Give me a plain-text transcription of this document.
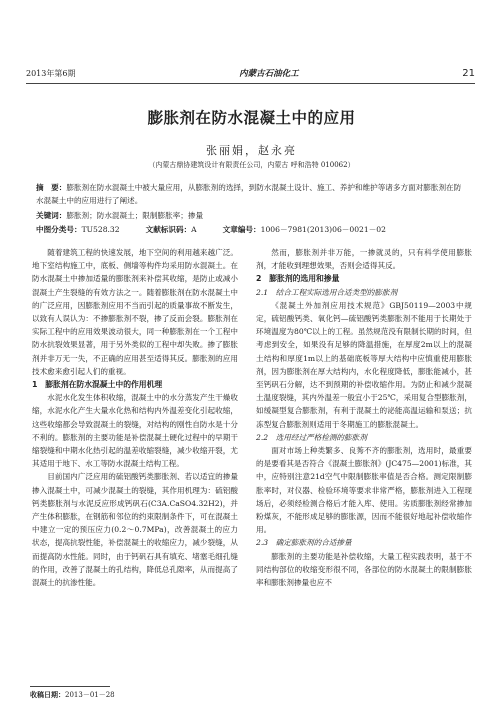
2013年第6期	内蒙古石油化工	21
膨胀剂在防水混凝土中的应用
张丽娟，赵永亮
（内蒙古鼎协建筑设计有限责任公司，内蒙古 呼和浩特 010062）
摘　要：膨胀剂在防水混凝土中被大量应用，从膨胀剂的选择，到防水混凝土设计、施工、养护和维护等诸多方面对膨胀剂在防水混凝土中的应用进行了阐述。
关键词：膨胀剂；防水混凝土；限制膨胀率；掺量
中图分类号：TU528.32	文献标识码：A	文章编号：1006－7981(2013)06－0021－02

随着建筑工程的快速发展，地下空间的利用越来越广泛。地下室结构施工中，底板、侧墙等构件均采用防水混凝土。在防水混凝土中掺加适量的膨胀剂来补偿其收缩，是防止或减小混凝土产生裂缝的有效方法之一。随着膨胀剂在防水混凝土中的广泛应用，因膨胀剂应用不当而引起的质量事故不断发生，以致有人误认为：不掺膨胀剂不裂，掺了反而会裂。膨胀剂在实际工程中的应用效果波动很大，同一种膨胀剂在一个工程中防水抗裂效果显著，用于另外类似的工程中却失败。掺了膨胀剂并非万无一失，不正确的应用甚至适得其反。膨胀剂的应用技术愈来愈引起人们的重视。

1　膨胀剂在防水混凝土中的作用机理

水泥水化发生体积收缩，混凝土中的水分蒸发产生干燥收缩，水泥水化产生大量水化热和结构内外温差变化引起收缩，这些收缩都会导致混凝土的裂缝，对结构的刚性自防水是十分不利的。膨胀剂的主要功能是补偿混凝土硬化过程中的早期干缩裂缝和中期水化热引起的温差收缩裂缝，减少收缩开裂，尤其适用于地下、水工等防水混凝土结构工程。

目前国内广泛应用的硫铝酸钙类膨胀剂、若以适宜的掺量掺入混凝土中，可减少混凝土的裂缝，其作用机理为：硫铝酸钙类膨胀剂与水泥反应形成钙矾石(C3A.CaSO4.32H2)，并产生体积膨胀，在钢筋和邻位的约束限制条件下，可在混凝土中建立一定的预压应力(0.2～0.7MPa)，改善混凝土的应力状态，提高抗裂性能，补偿混凝土的收缩应力，减少裂缝，从而提高防水性能。同时，由于钙矾石具有填充、堵塞毛细孔缝的作用，改善了混凝土的孔结构，降低总孔隙率，从而提高了混凝土的抗渗性能。

然而，膨胀剂并非万能，一掺就灵的，只有科学使用膨胀剂，才能收到理想效果，否则会适得其反。

2　膨胀剂的选用和掺量
2.1　结合工程实际选用合适类型的膨胀剂

《混凝土外加剂应用技术规范》GBJ50119—2003中规定，硫铝酸钙类、氧化钙—硫铝酸钙类膨胀剂不能用于长期处于环境温度为80℃以上的工程。虽然规范没有限制长期的时间，但考虑到安全，如果没有足够的降温措施，在厚度2m以上的混凝土结构和厚度1m以上的基础底板等厚大结构中应慎重使用膨胀剂，因为膨胀剂在厚大结构内，水化程度降低，膨胀能减小，甚至钙矾石分解，达不到预期的补偿收缩作用。为防止和减少混凝土温度裂缝，其内外温差一般宜小于25℃，采用复合型膨胀剂，如缓凝型复合膨胀剂，有利于混凝土的泌能高温运输和泵送；抗冻型复合膨胀剂则适用于冬期施工的膨胀混凝土。

2.2　选用经过严格检测的膨胀剂

面对市场上种类繁多、良莠不齐的膨胀剂，选用时，最重要的是要看其是否符合《混凝土膨胀剂》(JC475—2001)标准，其中，应特别注意21d空气中限制膨胀率值是否合格。测定限制膨胀率时，对仪器、检验环境等要求非常严格，膨胀剂进入工程现场后，必须经检测合格后才能入库、使用。劣质膨胀剂经常掺加粉煤灰，不能形成足够的膨胀源，因而不能很好地起补偿收缩作用。

2.3　确定膨胀剂的合适掺量

膨胀剂的主要功能是补偿收缩，大量工程实践表明，基于不同结构部位的收缩变形很不同，各部位的防水混凝土的限制膨胀率和膨胀剂掺量也应不

收稿日期：2013－01－28
